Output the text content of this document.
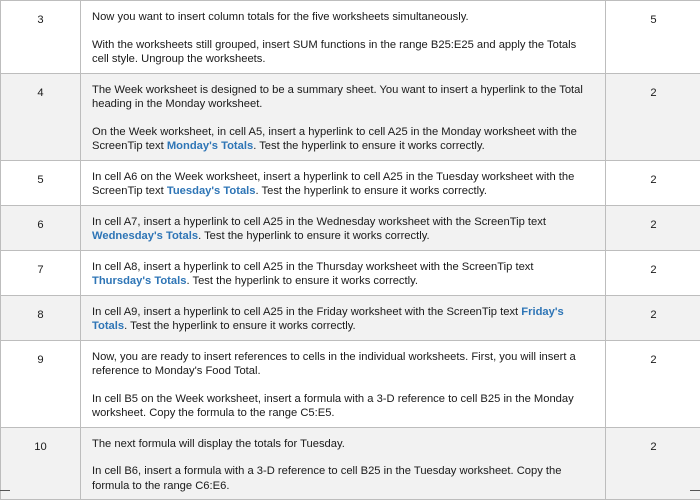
3	Now you want to insert column totals for the five worksheets simultaneously.

With the worksheets still grouped, insert SUM functions in the range B25:E25 and apply the Totals cell style. Ungroup the worksheets.	5

4	The Week worksheet is designed to be a summary sheet. You want to insert a hyperlink to the Total heading in the Monday worksheet.

On the Week worksheet, in cell A5, insert a hyperlink to cell A25 in the Monday worksheet with the ScreenTip text Monday's Totals. Test the hyperlink to ensure it works correctly.	2

5	In cell A6 on the Week worksheet, insert a hyperlink to cell A25 in the Tuesday worksheet with the ScreenTip text Tuesday's Totals. Test the hyperlink to ensure it works correctly.	2

6	In cell A7, insert a hyperlink to cell A25 in the Wednesday worksheet with the ScreenTip text Wednesday's Totals. Test the hyperlink to ensure it works correctly.	2

7	In cell A8, insert a hyperlink to cell A25 in the Thursday worksheet with the ScreenTip text Thursday's Totals. Test the hyperlink to ensure it works correctly.	2

8	In cell A9, insert a hyperlink to cell A25 in the Friday worksheet with the ScreenTip text Friday's Totals. Test the hyperlink to ensure it works correctly.	2

9	Now, you are ready to insert references to cells in the individual worksheets. First, you will insert a reference to Monday's Food Total.

In cell B5 on the Week worksheet, insert a formula with a 3-D reference to cell B25 in the Monday worksheet. Copy the formula to the range C5:E5.	2

10	The next formula will display the totals for Tuesday.

In cell B6, insert a formula with a 3-D reference to cell B25 in the Tuesday worksheet. Copy the formula to the range C6:E6.	2
